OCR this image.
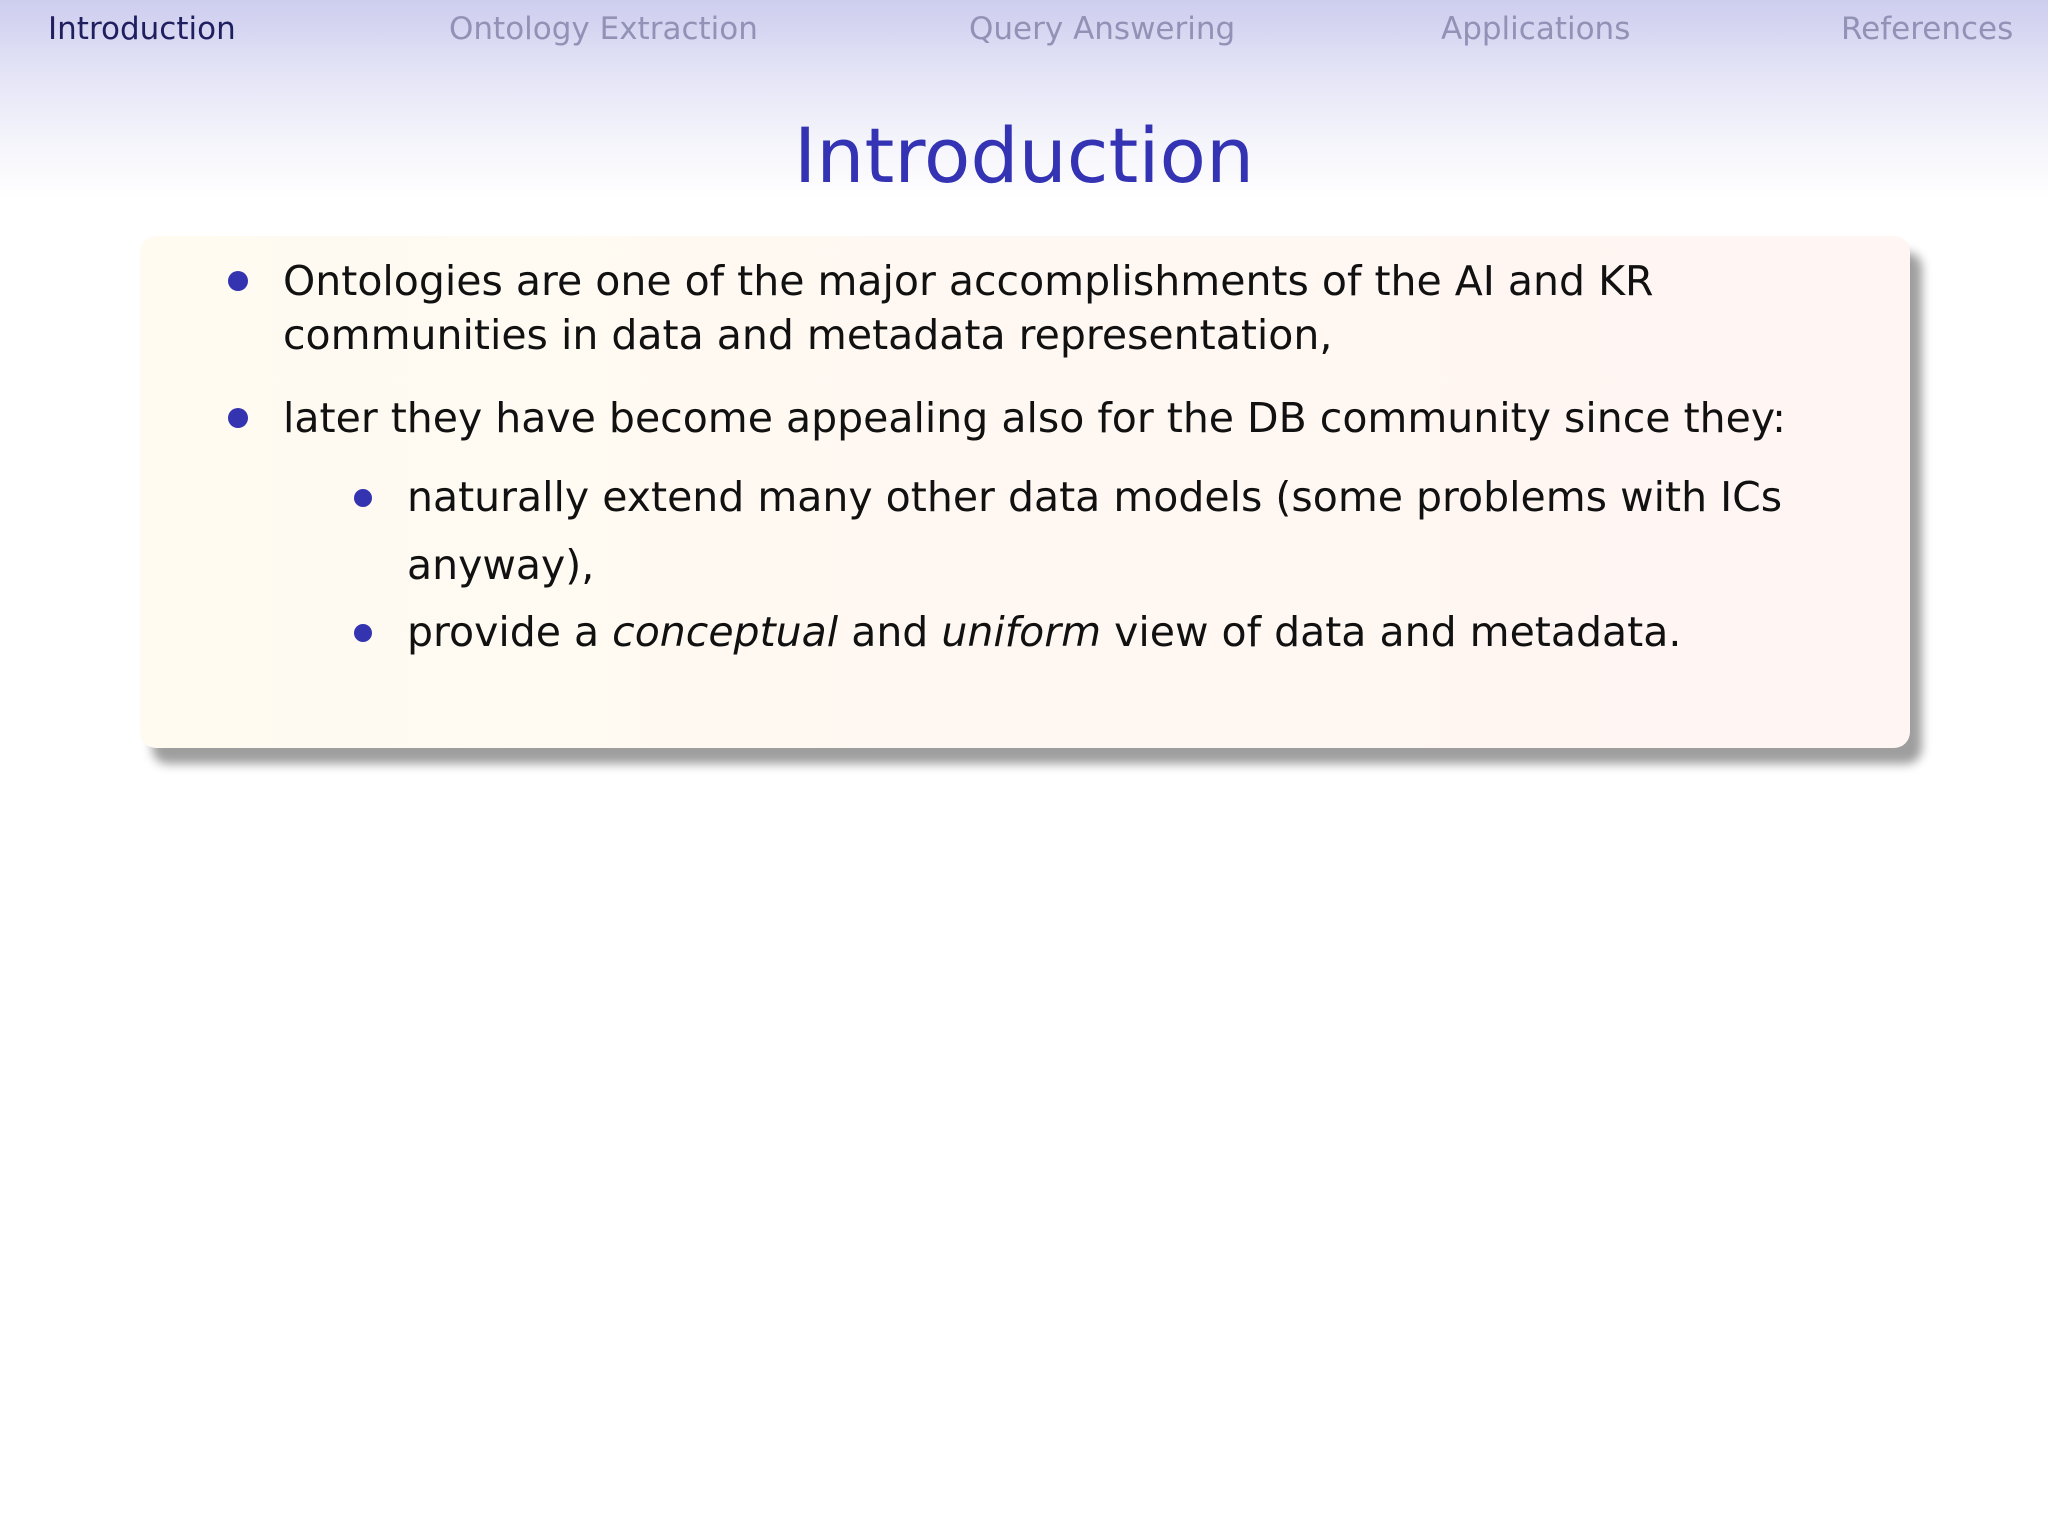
Introduction	Ontology Extraction	Query Answering	Applications	References
Introduction
Ontologies are one of the major accomplishments of the AI and KR
communities in data and metadata representation,
later they have become appealing also for the DB community since they:
naturally extend many other data models (some problems with ICs
anyway),
provide a conceptual and uniform view of data and metadata.
